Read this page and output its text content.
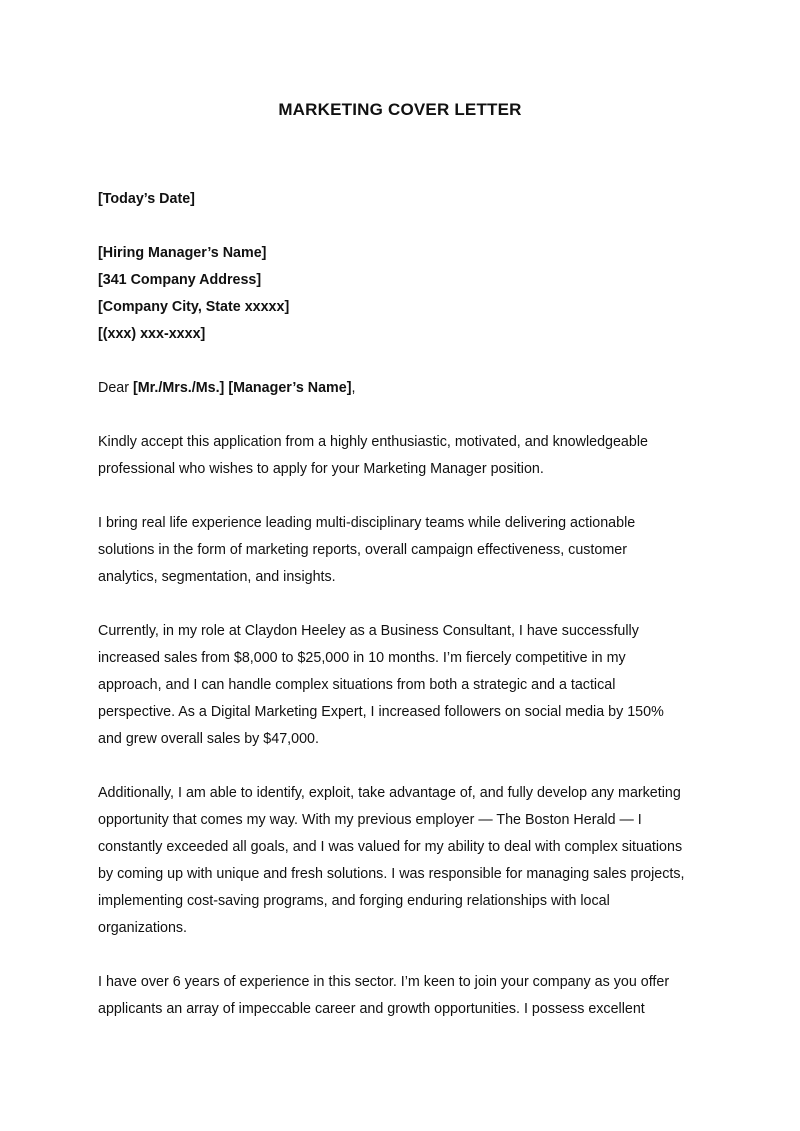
MARKETING COVER LETTER

[Today’s Date]

[Hiring Manager’s Name]
[341 Company Address]
[Company City, State xxxxx]
[(xxx) xxx-xxxx]

Dear [Mr./Mrs./Ms.] [Manager’s Name],

Kindly accept this application from a highly enthusiastic, motivated, and knowledgeable
professional who wishes to apply for your Marketing Manager position.

I bring real life experience leading multi-disciplinary teams while delivering actionable
solutions in the form of marketing reports, overall campaign effectiveness, customer
analytics, segmentation, and insights.

Currently, in my role at Claydon Heeley as a Business Consultant, I have successfully
increased sales from $8,000 to $25,000 in 10 months. I’m fiercely competitive in my
approach, and I can handle complex situations from both a strategic and a tactical
perspective. As a Digital Marketing Expert, I increased followers on social media by 150%
and grew overall sales by $47,000.

Additionally, I am able to identify, exploit, take advantage of, and fully develop any marketing
opportunity that comes my way. With my previous employer — The Boston Herald — I
constantly exceeded all goals, and I was valued for my ability to deal with complex situations
by coming up with unique and fresh solutions. I was responsible for managing sales projects,
implementing cost-saving programs, and forging enduring relationships with local
organizations.

I have over 6 years of experience in this sector. I’m keen to join your company as you offer
applicants an array of impeccable career and growth opportunities. I possess excellent
